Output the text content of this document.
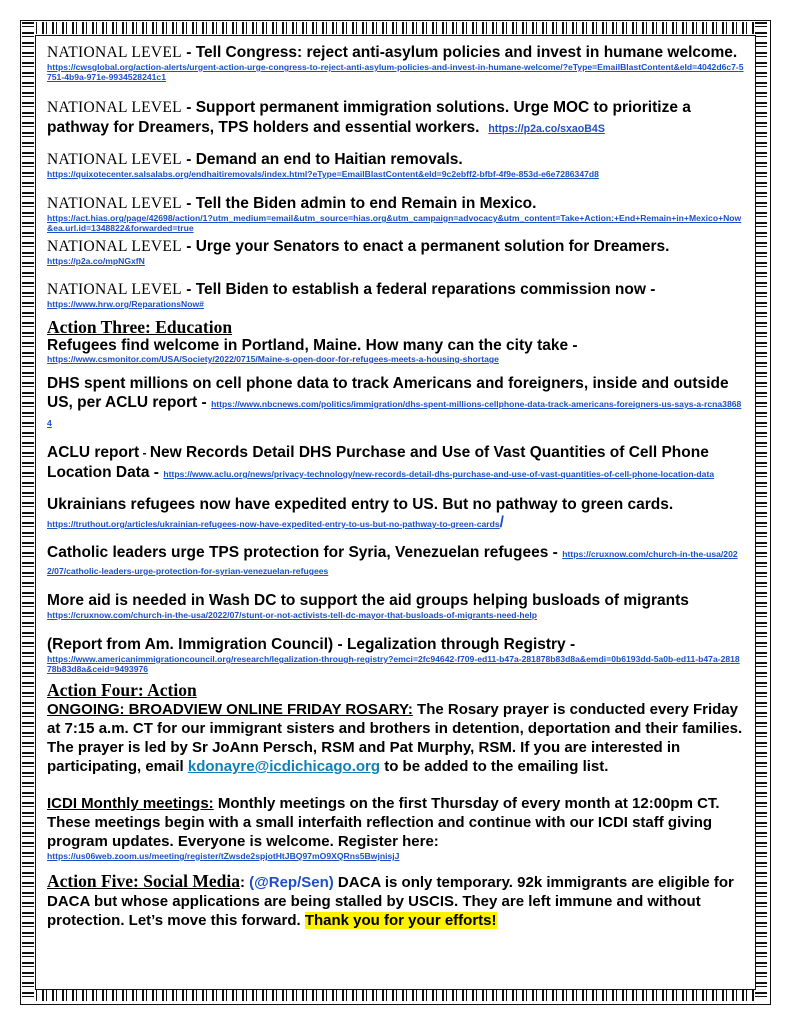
NATIONAL LEVEL - Tell Congress: reject anti-asylum policies and invest in humane welcome.
https://cwsglobal.org/action-alerts/urgent-action-urge-congress-to-reject-anti-asylum-policies-and-invest-in-humane-welcome/?eType=EmailBlastContent&eId=4042d6c7-5751-4b9a-971e-9934528241c1
NATIONAL LEVEL - Support permanent immigration solutions. Urge MOC to prioritize a pathway for Dreamers, TPS holders and essential workers. https://p2a.co/sxaoB4S
NATIONAL LEVEL - Demand an end to Haitian removals.
https://quixotecenter.salsalabs.org/endhaitiremovals/index.html?eType=EmailBlastContent&eId=9c2ebff2-bfbf-4f9e-853d-e6e7286347d8
NATIONAL LEVEL - Tell the Biden admin to end Remain in Mexico.
https://act.hias.org/page/42698/action/1?utm_medium=email&utm_source=hias.org&utm_campaign=advocacy&utm_content=Take+Action:+End+Remain+in+Mexico+Now&ea.url.id=1348822&forwarded=true
NATIONAL LEVEL - Urge your Senators to enact a permanent solution for Dreamers.
https://p2a.co/mpNGxfN
NATIONAL LEVEL - Tell Biden to establish a federal reparations commission now -
https://www.hrw.org/ReparationsNow#
Action Three: Education
Refugees find welcome in Portland, Maine. How many can the city take -
https://www.csmonitor.com/USA/Society/2022/0715/Maine-s-open-door-for-refugees-meets-a-housing-shortage
DHS spent millions on cell phone data to track Americans and foreigners, inside and outside US, per ACLU report - https://www.nbcnews.com/politics/immigration/dhs-spent-millions-cellphone-data-track-americans-foreigners-us-says-a-rcna38684
ACLU report - New Records Detail DHS Purchase and Use of Vast Quantities of Cell Phone Location Data - https://www.aclu.org/news/privacy-technology/new-records-detail-dhs-purchase-and-use-of-vast-quantities-of-cell-phone-location-data
Ukrainians refugees now have expedited entry to US. But no pathway to green cards.
https://truthout.org/articles/ukrainian-refugees-now-have-expedited-entry-to-us-but-no-pathway-to-green-cards/
Catholic leaders urge TPS protection for Syria, Venezuelan refugees - https://cruxnow.com/church-in-the-usa/2022/07/catholic-leaders-urge-protection-for-syrian-venezuelan-refugees
More aid is needed in Wash DC to support the aid groups helping busloads of migrants
https://cruxnow.com/church-in-the-usa/2022/07/stunt-or-not-activists-tell-dc-mayor-that-busloads-of-migrants-need-help
(Report from Am. Immigration Council) - Legalization through Registry -
https://www.americanimmigrationcouncil.org/research/legalization-through-registry?emci=2fc94642-f709-ed11-b47a-281878b83d8a&emdi=0b6193dd-5a0b-ed11-b47a-281878b83d8a&ceid=9493976
Action Four: Action

ONGOING: BROADVIEW ONLINE FRIDAY ROSARY: The Rosary prayer is conducted every Friday at 7:15 a.m. CT for our immigrant sisters and brothers in detention, deportation and their families. The prayer is led by Sr JoAnn Persch, RSM and Pat Murphy, RSM. If you are interested in participating, email kdonayre@icdichicago.org to be added to the emailing list.

ICDI Monthly meetings: Monthly meetings on the first Thursday of every month at 12:00pm CT. These meetings begin with a small interfaith reflection and continue with our ICDI staff giving program updates. Everyone is welcome. Register here:
https://us06web.zoom.us/meeting/register/tZwsde2spjotHtJBQ97mO9XQRns5BwjnisjJ

Action Five: Social Media: (@Rep/Sen) DACA is only temporary. 92k immigrants are eligible for DACA but whose applications are being stalled by USCIS. They are left immune and without protection. Let’s move this forward. Thank you for your efforts!
